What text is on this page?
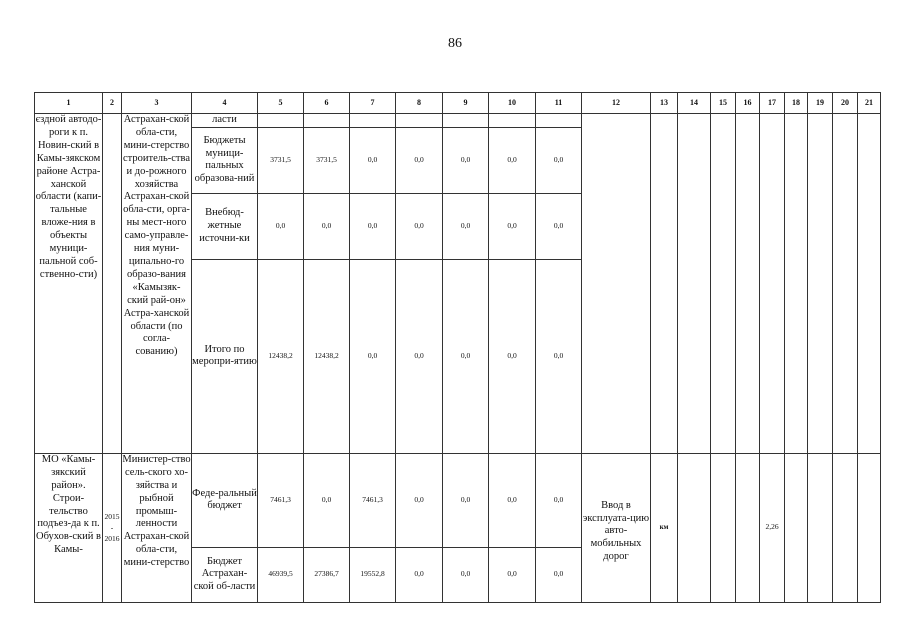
86
1	2	3	4	5	6	7	8	9	10	11	12	13	14	15	16	17	18	19	20	21
єздной автодо-роги к п. Новин-ский в Камы-зякском районе Астра-ханской области (капи-тальные вложе-ния в объекты муници-пальной соб-ственно-сти)		Астрахан-ской обла-сти, мини-стерство строитель-ства и до-рожного хозяйства Астрахан-ской обла-сти, орга-ны мест-ного само-управле-ния муни-ципально-го образо-вания «Камызяк-ский рай-он» Астра-ханской области (по согла-сованию)	ласти																	
			Бюджеты муници-пальных образова-ний	3731,5	3731,5	0,0	0,0	0,0	0,0	0,0										
			Внебюд-жетные источни-ки	0,0	0,0	0,0	0,0	0,0	0,0	0,0										
			Итого по меропри-ятию	12438,2	12438,2	0,0	0,0	0,0	0,0	0,0										
МО «Камы-зякский район». Строи-тельство подъез-да к п. Обухов-ский в Камы-	2015 - 2016	Министер-ство сель-ского хо-зяйства и рыбной промыш-ленности Астрахан-ской обла-сти, мини-стерство	Феде-ральный бюджет	7461,3	0,0	7461,3	0,0	0,0	0,0	0,0	Ввод в эксплуата-цию авто-мобильных дорог	км				2,26				
			Бюджет Астрахан-ской об-ласти	46939,5	27386,7	19552,8	0,0	0,0	0,0	0,0										
